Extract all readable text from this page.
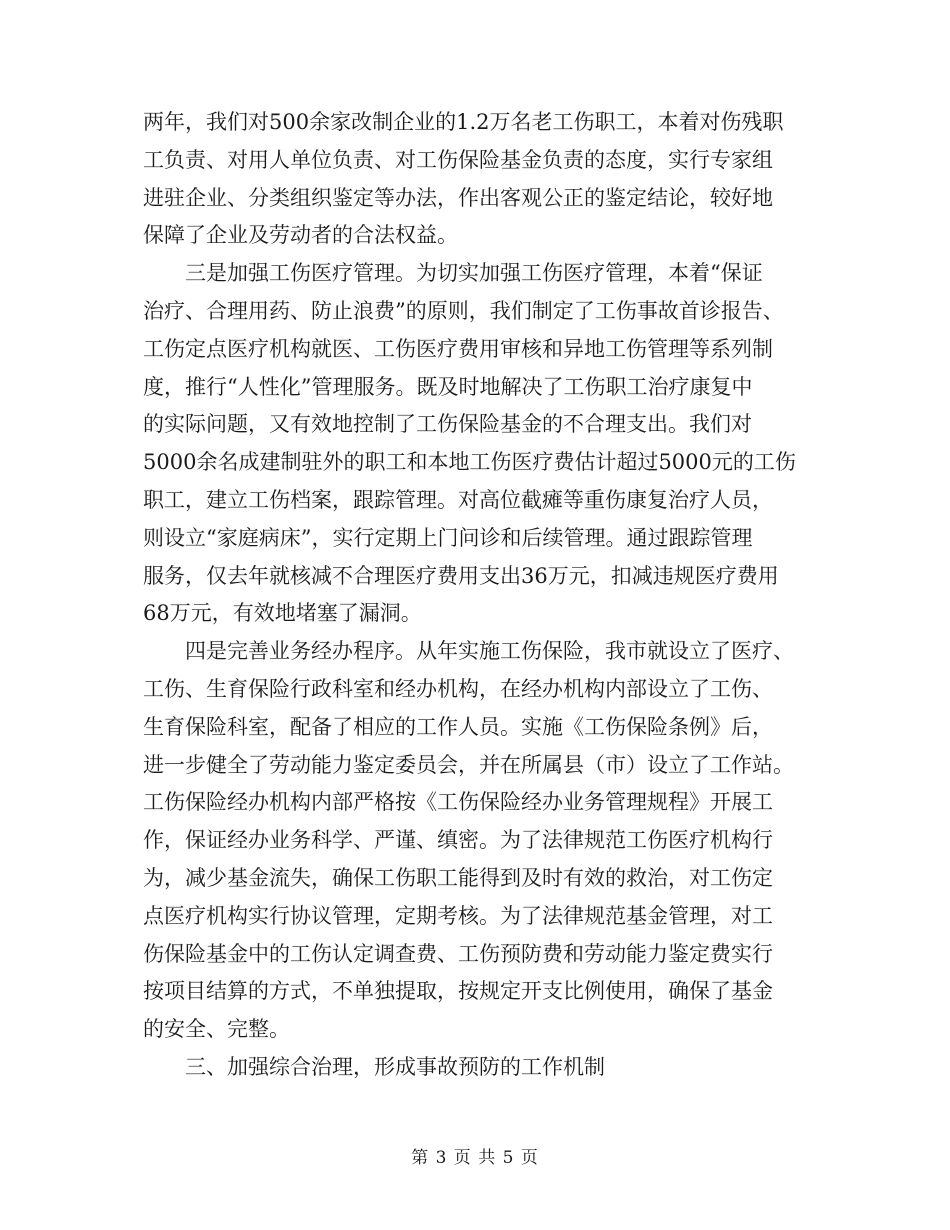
两年，我们对500余家改制企业的1.2万名老工伤职工，本着对伤残职
工负责、对用人单位负责、对工伤保险基金负责的态度，实行专家组
进驻企业、分类组织鉴定等办法，作出客观公正的鉴定结论，较好地
保障了企业及劳动者的合法权益。
　　三是加强工伤医疗管理。为切实加强工伤医疗管理，本着“保证
治疗、合理用药、防止浪费”的原则，我们制定了工伤事故首诊报告、
工伤定点医疗机构就医、工伤医疗费用审核和异地工伤管理等系列制
度，推行“人性化”管理服务。既及时地解决了工伤职工治疗康复中
的实际问题，又有效地控制了工伤保险基金的不合理支出。我们对
5000余名成建制驻外的职工和本地工伤医疗费估计超过5000元的工伤
职工，建立工伤档案，跟踪管理。对高位截瘫等重伤康复治疗人员，
则设立“家庭病床”，实行定期上门问诊和后续管理。通过跟踪管理
服务，仅去年就核减不合理医疗费用支出36万元，扣减违规医疗费用
68万元，有效地堵塞了漏洞。
　　四是完善业务经办程序。从年实施工伤保险，我市就设立了医疗、
工伤、生育保险行政科室和经办机构，在经办机构内部设立了工伤、
生育保险科室，配备了相应的工作人员。实施《工伤保险条例》后，
进一步健全了劳动能力鉴定委员会，并在所属县（市）设立了工作站。
工伤保险经办机构内部严格按《工伤保险经办业务管理规程》开展工
作，保证经办业务科学、严谨、缜密。为了法律规范工伤医疗机构行
为，减少基金流失，确保工伤职工能得到及时有效的救治，对工伤定
点医疗机构实行协议管理，定期考核。为了法律规范基金管理，对工
伤保险基金中的工伤认定调查费、工伤预防费和劳动能力鉴定费实行
按项目结算的方式，不单独提取，按规定开支比例使用，确保了基金
的安全、完整。
　　三、加强综合治理，形成事故预防的工作机制
第 3 页 共 5 页
